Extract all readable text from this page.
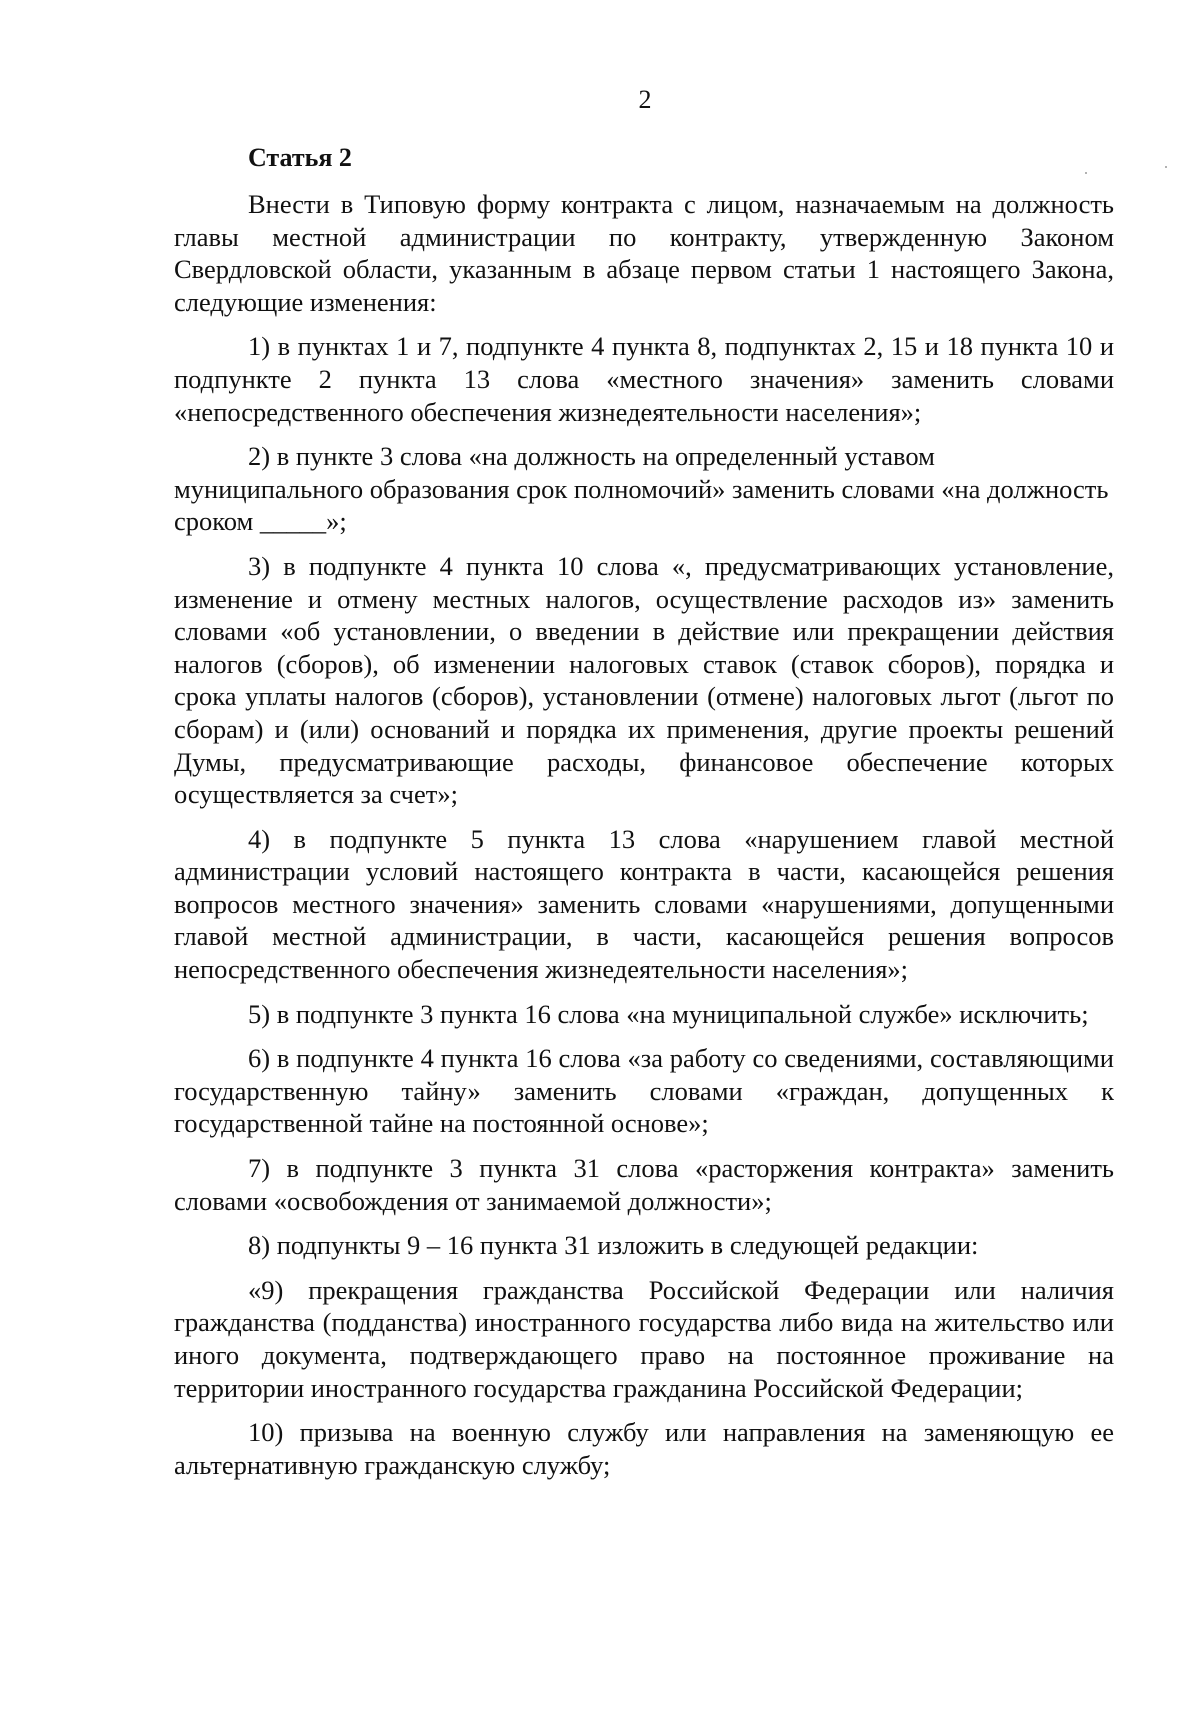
2
Статья 2

Внести в Типовую форму контракта с лицом, назначаемым на должность главы местной администрации по контракту, утвержденную Законом Свердловской области, указанным в абзаце первом статьи 1 настоящего Закона, следующие изменения:

1) в пунктах 1 и 7, подпункте 4 пункта 8, подпунктах 2, 15 и 18 пункта 10 и подпункте 2 пункта 13 слова «местного значения» заменить словами «непосредственного обеспечения жизнедеятельности населения»;

2) в пункте 3 слова «на должность на определенный уставом муниципального образования срок полномочий» заменить словами «на должность сроком _____»;

3) в подпункте 4 пункта 10 слова «, предусматривающих установление, изменение и отмену местных налогов, осуществление расходов из» заменить словами «об установлении, о введении в действие или прекращении действия налогов (сборов), об изменении налоговых ставок (ставок сборов), порядка и срока уплаты налогов (сборов), установлении (отмене) налоговых льгот (льгот по сборам) и (или) оснований и порядка их применения, другие проекты решений Думы, предусматривающие расходы, финансовое обеспечение которых осуществляется за счет»;

4) в подпункте 5 пункта 13 слова «нарушением главой местной администрации условий настоящего контракта в части, касающейся решения вопросов местного значения» заменить словами «нарушениями, допущенными главой местной администрации, в части, касающейся решения вопросов непосредственного обеспечения жизнедеятельности населения»;

5) в подпункте 3 пункта 16 слова «на муниципальной службе» исключить;

6) в подпункте 4 пункта 16 слова «за работу со сведениями, составляющими государственную тайну» заменить словами «граждан, допущенных к государственной тайне на постоянной основе»;

7) в подпункте 3 пункта 31 слова «расторжения контракта» заменить словами «освобождения от занимаемой должности»;

8) подпункты 9 – 16 пункта 31 изложить в следующей редакции:

«9) прекращения гражданства Российской Федерации или наличия гражданства (подданства) иностранного государства либо вида на жительство или иного документа, подтверждающего право на постоянное проживание на территории иностранного государства гражданина Российской Федерации;

10) призыва на военную службу или направления на заменяющую ее альтернативную гражданскую службу;
